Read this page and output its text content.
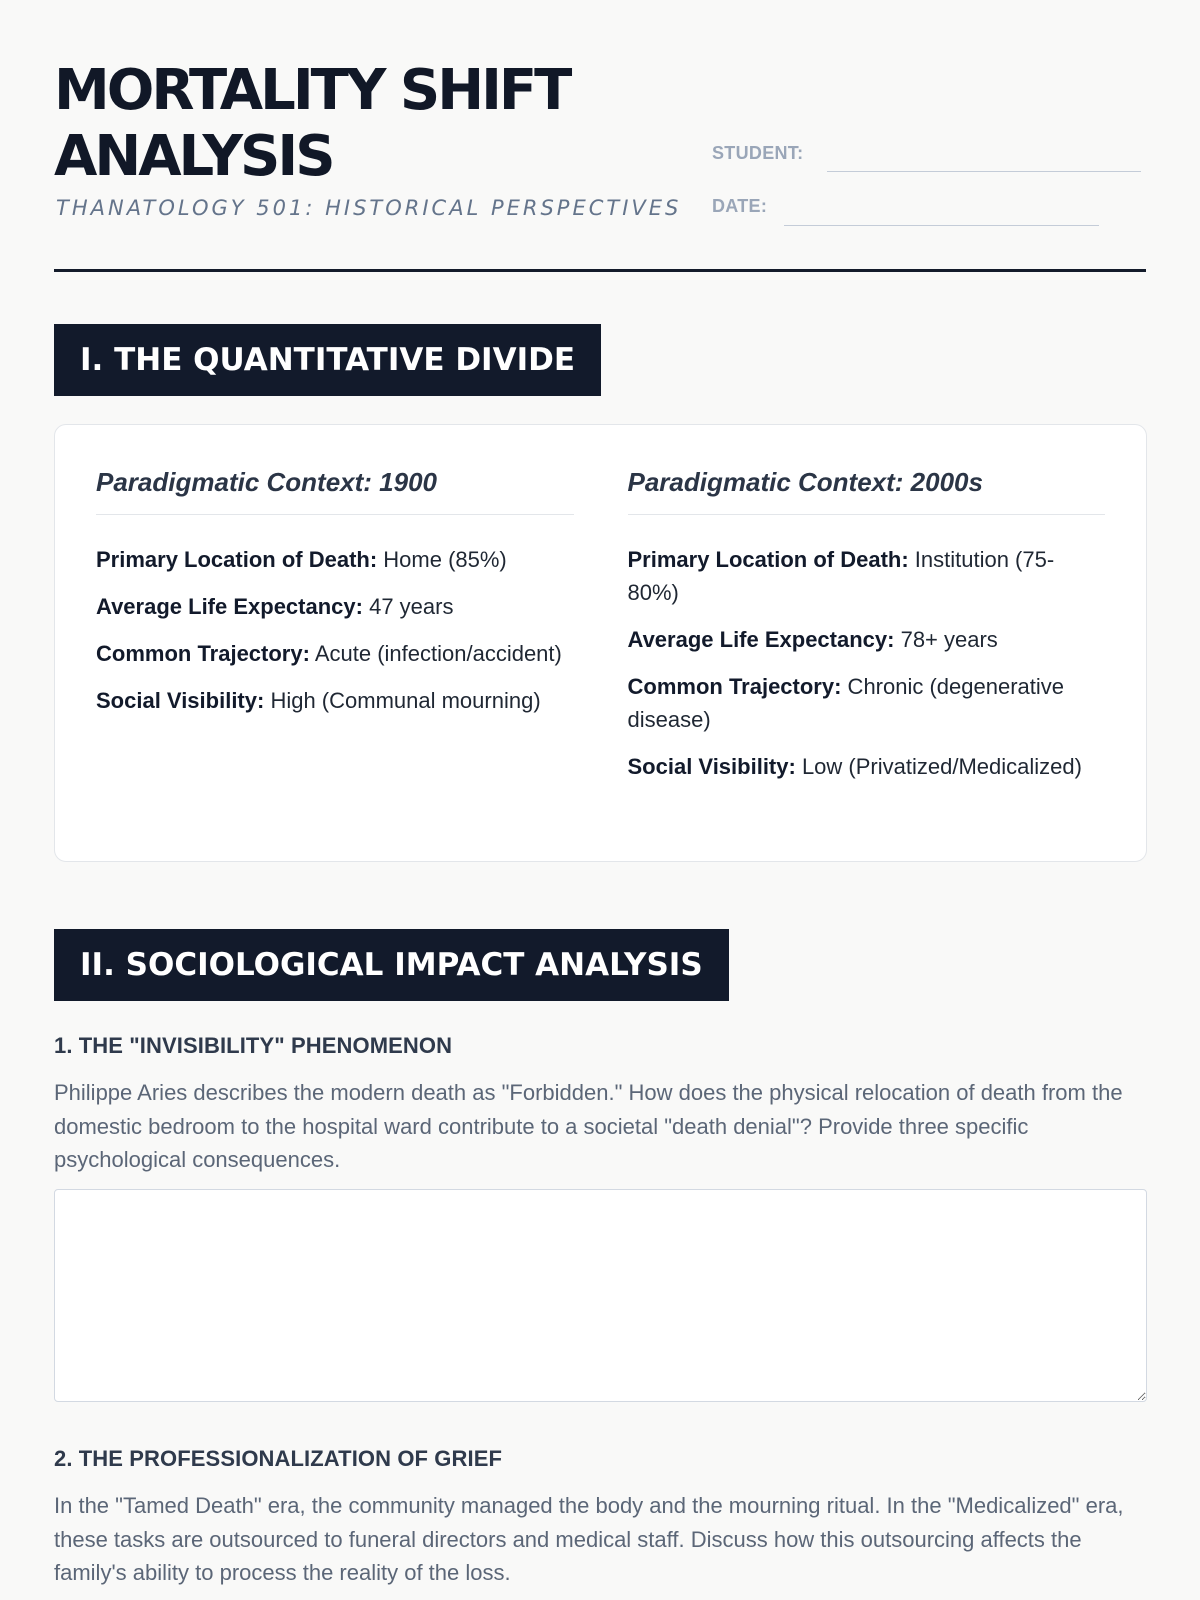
MORTALITY SHIFT
ANALYSIS
THANATOLOGY 501: HISTORICAL PERSPECTIVES
STUDENT:
DATE:
I. THE QUANTITATIVE DIVIDE
Paradigmatic Context: 1900
Primary Location of Death: Home (85%)
Average Life Expectancy: 47 years
Common Trajectory: Acute (infection/accident)
Social Visibility: High (Communal mourning)
Paradigmatic Context: 2000s
Primary Location of Death: Institution (75-80%)
Average Life Expectancy: 78+ years
Common Trajectory: Chronic (degenerative disease)
Social Visibility: Low (Privatized/Medicalized)
II. SOCIOLOGICAL IMPACT ANALYSIS
1. THE "INVISIBILITY" PHENOMENON
Philippe Aries describes the modern death as "Forbidden." How does the physical relocation of death from the domestic bedroom to the hospital ward contribute to a societal "death denial"? Provide three specific psychological consequences.
2. THE PROFESSIONALIZATION OF GRIEF
In the "Tamed Death" era, the community managed the body and the mourning ritual. In the "Medicalized" era, these tasks are outsourced to funeral directors and medical staff. Discuss how this outsourcing affects the family's ability to process the reality of the loss.
